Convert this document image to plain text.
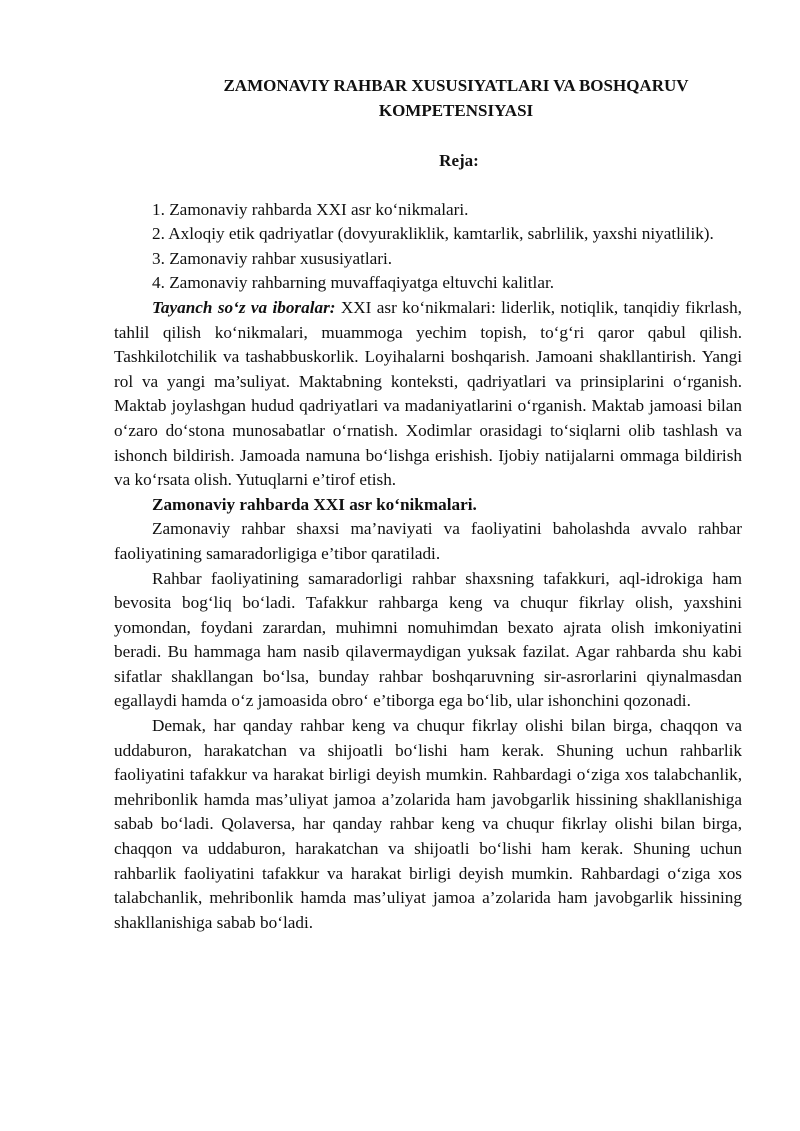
ZAMONAVIY RAHBAR XUSUSIYATLARI VA BOSHQARUV
KOMPETENSIYASI

Reja:

1. Zamonaviy rahbarda XXI asr ko‘nikmalari.

2. Axloqiy etik qadriyatlar (dovyurakliklik, kamtarlik, sabrlilik, yaxshi niyatlilik).

3. Zamonaviy rahbar xususiyatlari.

4. Zamonaviy rahbarning muvaffaqiyatga eltuvchi kalitlar.

Tayanch so‘z va iboralar: XXI asr ko‘nikmalari: liderlik, notiqlik, tanqidiy fikrlash, tahlil qilish ko‘nikmalari, muammoga yechim topish, to‘g‘ri qaror qabul qilish. Tashkilotchilik va tashabbuskorlik. Loyihalarni boshqarish. Jamoani shakllantirish. Yangi rol va yangi ma’suliyat. Maktabning konteksti, qadriyatlari va prinsiplarini o‘rganish. Maktab joylashgan hudud qadriyatlari va madaniyatlarini o‘rganish. Maktab jamoasi bilan o‘zaro do‘stona munosabatlar o‘rnatish. Xodimlar orasidagi to‘siqlarni olib tashlash va ishonch bildirish. Jamoada namuna bo‘lishga erishish. Ijobiy natijalarni ommaga bildirish va ko‘rsata olish. Yutuqlarni e’tirof etish.

Zamonaviy rahbarda XXI asr ko‘nikmalari.

Zamonaviy rahbar shaxsi ma’naviyati va faoliyatini baholashda avvalo rahbar faoliyatining samaradorligiga e’tibor qaratiladi.

Rahbar faoliyatining samaradorligi rahbar shaxsning tafakkuri, aql-idrokiga ham bevosita bog‘liq bo‘ladi. Tafakkur rahbarga keng va chuqur fikrlay olish, yaxshini yomondan, foydani zarardan, muhimni nomuhimdan bexato ajrata olish imkoniyatini beradi. Bu hammaga ham nasib qilavermaydigan yuksak fazilat. Agar rahbarda shu kabi sifatlar shakllangan bo‘lsa, bunday rahbar boshqaruvning sir-asrorlarini qiynalmasdan egallaydi hamda o‘z jamoasida obro‘ e’tiborga ega bo‘lib, ular ishonchini qozonadi.

Demak, har qanday rahbar keng va chuqur fikrlay olishi bilan birga, chaqqon va uddaburon, harakatchan va shijoatli bo‘lishi ham kerak. Shuning uchun rahbarlik faoliyatini tafakkur va harakat birligi deyish mumkin. Rahbardagi o‘ziga xos talabchanlik, mehribonlik hamda mas’uliyat jamoa a’zolarida ham javobgarlik hissining shakllanishiga sabab bo‘ladi. Qolaversa, har qanday rahbar keng va chuqur fikrlay olishi bilan birga, chaqqon va uddaburon, harakatchan va shijoatli bo‘lishi ham kerak. Shuning uchun rahbarlik faoliyatini tafakkur va harakat birligi deyish mumkin. Rahbardagi o‘ziga xos talabchanlik, mehribonlik hamda mas’uliyat jamoa a’zolarida ham javobgarlik hissining shakllanishiga sabab bo‘ladi.
